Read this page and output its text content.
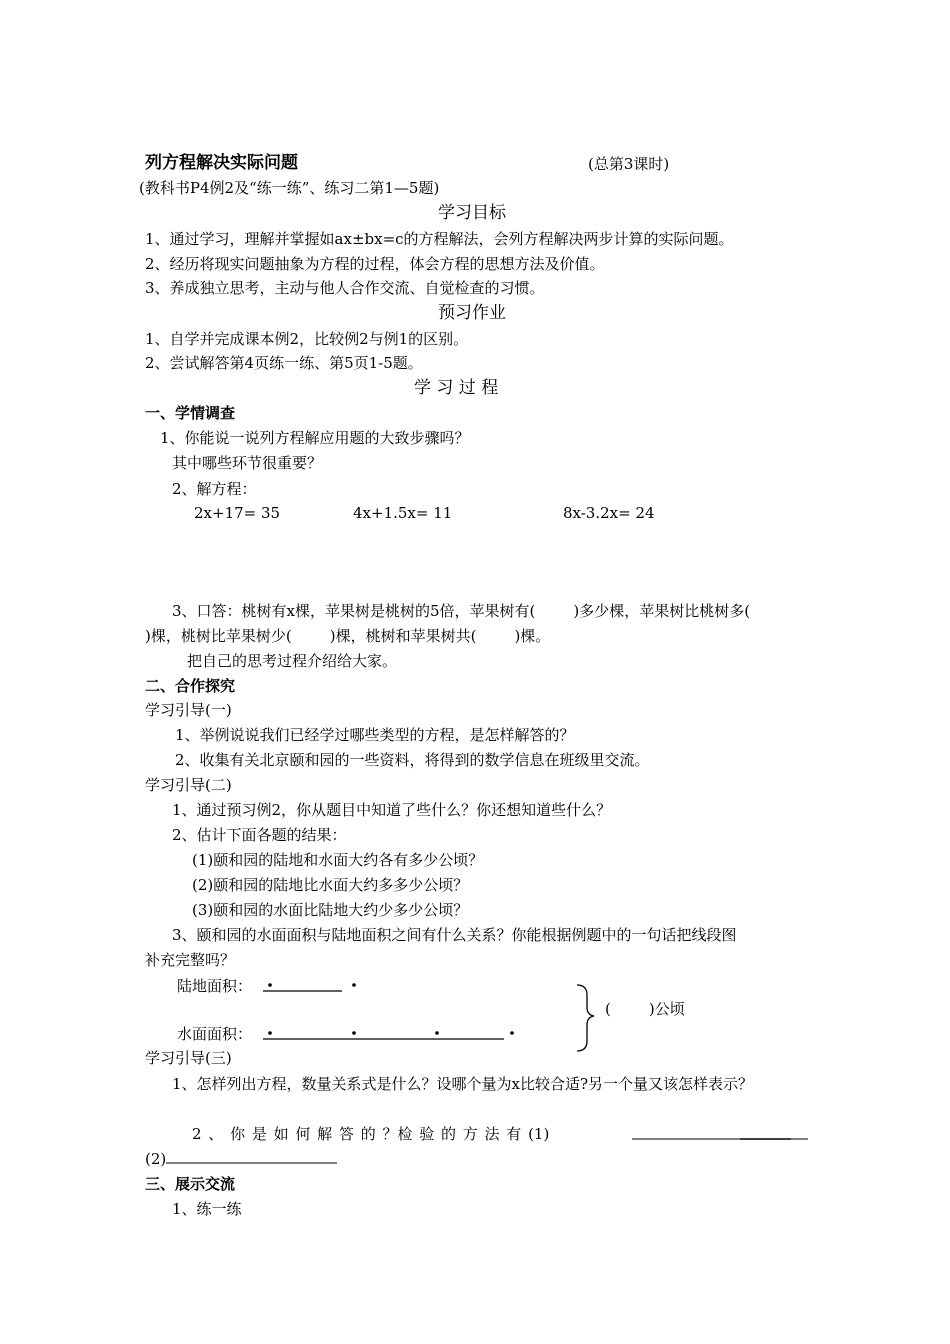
列方程解决实际问题	(总第3课时)
(教科书P4例2及“练一练”、练习二第1—5题)
学习目标
1、通过学习，理解并掌握如ax±bx=c的方程解法，会列方程解决两步计算的实际问题。
2、经历将现实问题抽象为方程的过程，体会方程的思想方法及价值。
3、养成独立思考，主动与他人合作交流、自觉检查的习惯。
预习作业
1、自学并完成课本例2，比较例2与例1的区别。
2、尝试解答第4页练一练、第5页1-5题。
学 习 过 程
一、学情调查
1、你能说一说列方程解应用题的大致步骤吗？
其中哪些环节很重要？
2、解方程：
2x+17= 35	4x+1.5x= 11	8x-3.2x= 24
3、口答：桃树有x棵，苹果树是桃树的5倍，苹果树有(	)多少棵，苹果树比桃树多(
)棵，桃树比苹果树少(	)棵，桃树和苹果树共(	)棵。
把自己的思考过程介绍给大家。
二、合作探究
学习引导(一)
1、举例说说我们已经学过哪些类型的方程，是怎样解答的？
2、收集有关北京颐和园的一些资料，将得到的数学信息在班级里交流。
学习引导(二)
1、通过预习例2，你从题目中知道了些什么？你还想知道些什么？
2、估计下面各题的结果：
(1)颐和园的陆地和水面大约各有多少公顷？
(2)颐和园的陆地比水面大约多多少公顷？
(3)颐和园的水面比陆地大约少多少公顷？
3、颐和园的水面面积与陆地面积之间有什么关系？你能根据例题中的一句话把线段图
补充完整吗？
陆地面积：
水面面积：
(	)公顷
学习引导(三)
1、怎样列出方程，数量关系式是什么？设哪个量为x比较合适?另一个量又该怎样表示？
2 、 你 是 如 何 解 答 的 ？检 验 的 方 法 有 (1)
(2)
三、展示交流
1、练一练
